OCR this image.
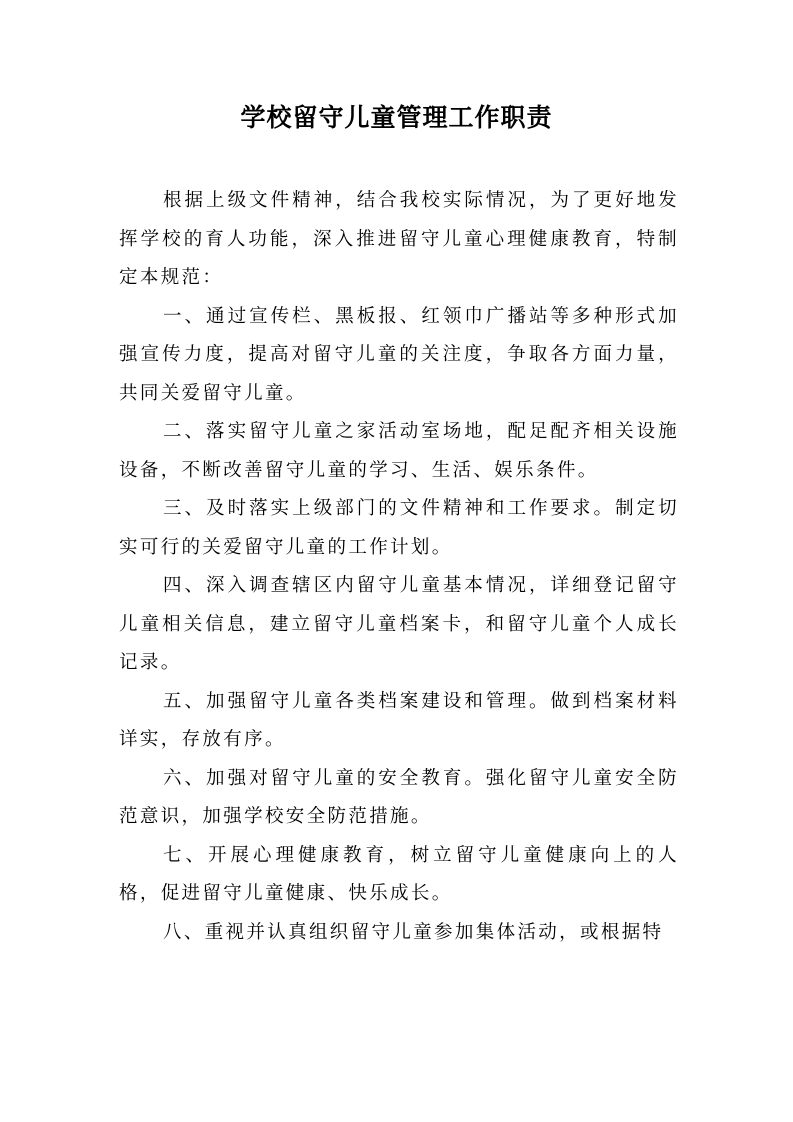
学校留守儿童管理工作职责

根据上级文件精神，结合我校实际情况，为了更好地发挥学校的育人功能，深入推进留守儿童心理健康教育，特制定本规范：

一、通过宣传栏、黑板报、红领巾广播站等多种形式加强宣传力度，提高对留守儿童的关注度，争取各方面力量，共同关爱留守儿童。

二、落实留守儿童之家活动室场地，配足配齐相关设施设备，不断改善留守儿童的学习、生活、娱乐条件。

三、及时落实上级部门的文件精神和工作要求。制定切实可行的关爱留守儿童的工作计划。

四、深入调查辖区内留守儿童基本情况，详细登记留守儿童相关信息，建立留守儿童档案卡，和留守儿童个人成长记录。

五、加强留守儿童各类档案建设和管理。做到档案材料详实，存放有序。

六、加强对留守儿童的安全教育。强化留守儿童安全防范意识，加强学校安全防范措施。

七、开展心理健康教育，树立留守儿童健康向上的人格，促进留守儿童健康、快乐成长。

八、重视并认真组织留守儿童参加集体活动，或根据特
